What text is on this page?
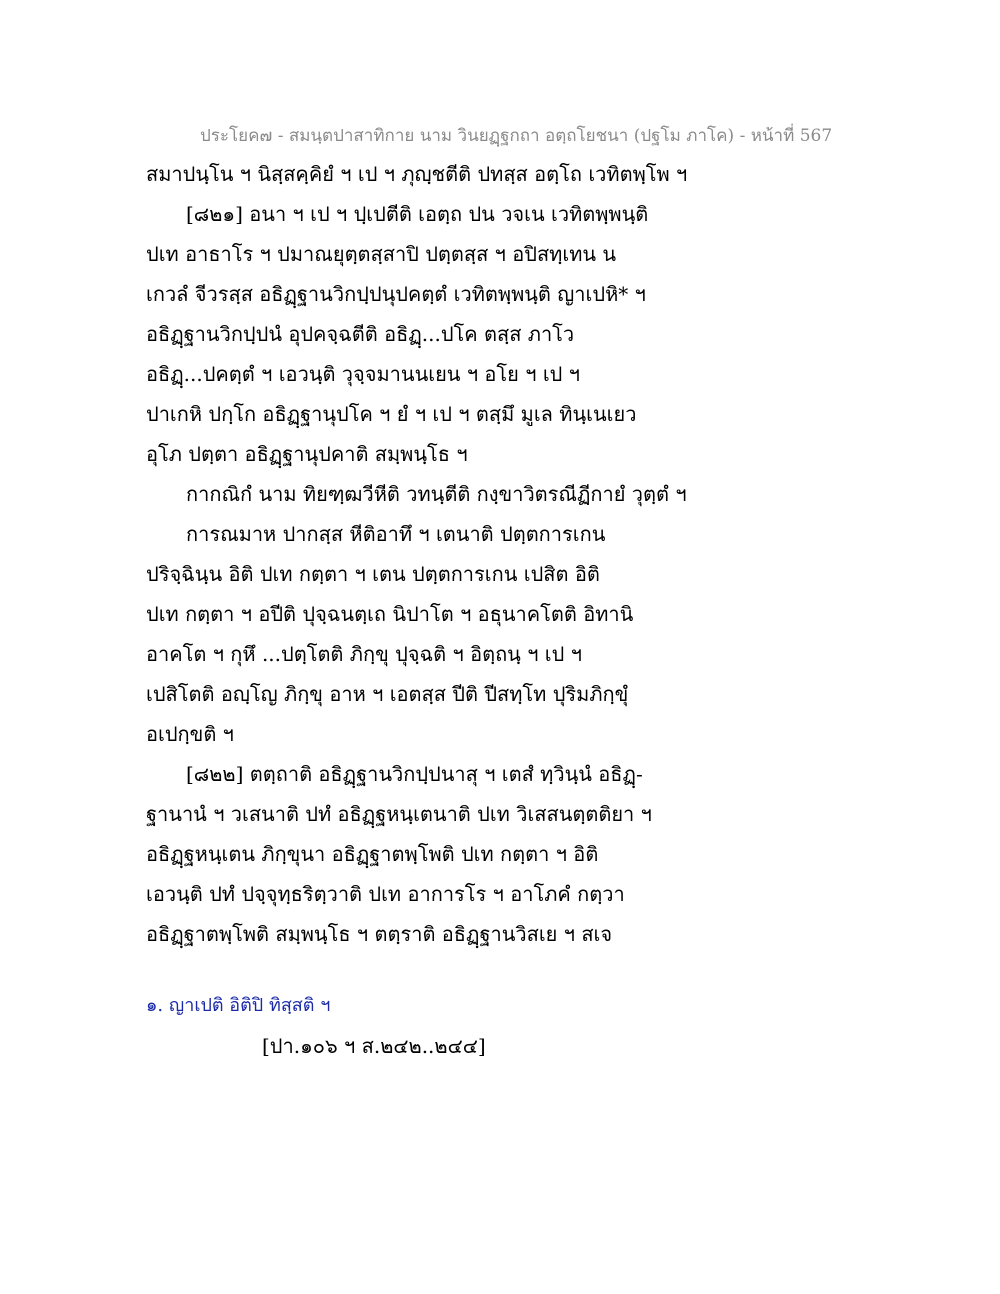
ประโยค๗ - สมนฺตปาสาทิกาย นาม วินยฏฺฐกถา อตฺถโยชนา (ปฐโม ภาโค) - หน้าที่ 567
สมาปนฺโน ฯ นิสฺสคฺคิยํ ฯ เป ฯ ภุญฺชตีติ ปทสฺส อตฺโถ เวทิตพฺโพ ฯ
[๘๒๑] อนา ฯ เป ฯ ปฺเปตีติ เอตฺถ ปน วจเน เวทิตพฺพนฺติ
ปเท อาธาโร ฯ ปมาณยุตฺตสฺสาปิ ปตฺตสฺส ฯ อปิสทฺเทน น
เกวลํ จีวรสฺส อธิฏฺฐานวิกปฺปนุปคตฺตํ เวทิตพฺพนฺติ ญาเปหิ* ฯ
อธิฏฺฐานวิกปฺปนํ อุปคจฺฉตีติ อธิฏฺ...ปโค ตสฺส ภาโว
อธิฏฺ...ปคตฺตํ ฯ เอวนฺติ วุจฺจมานนเยน ฯ อโย ฯ เป ฯ
ปาเกหิ ปกฺโก อธิฏฺฐานุปโค ฯ ยํ ฯ เป ฯ ตสฺมึ มูเล ทินฺเนเยว
อุโภ ปตฺตา อธิฏฺฐานุปคาติ สมฺพนฺโธ ฯ
กากณิกํ นาม ทิยฑฺฒวีหีติ วทนฺตีติ กงฺขาวิตรณีฏีกายํ วุตฺตํ ฯ
การณมาห ปากสฺส หีติอาทึ ฯ เตนาติ ปตฺตการเกน
ปริจฺฉินฺน อิติ ปเท กตฺตา ฯ เตน ปตฺตการเกน เปสิต อิติ
ปเท กตฺตา ฯ อปีติ ปุจฺฉนตฺเถ นิปาโต ฯ อธุนาคโตติ อิทานิ
อาคโต ฯ กุหึ ...ปตฺโตติ ภิกฺขุ ปุจฺฉติ ฯ อิตฺถนฺ ฯ เป ฯ
เปสิโตติ อญฺโญ ภิกฺขุ อาห ฯ เอตสฺส ปีติ ปีสทฺโท ปุริมภิกฺขุํ
อเปกฺขติ ฯ
[๘๒๒] ตตฺถาติ อธิฏฺฐานวิกปฺปนาสุ ฯ เตสํ ทฺวินฺนํ อธิฏฺ-
ฐานานํ ฯ วเสนาติ ปทํ อธิฏฺฐหนฺเตนาติ ปเท วิเสสนตฺตติยา ฯ
อธิฏฺฐหนฺเตน ภิกฺขุนา อธิฏฺฐาตพฺโพติ ปเท กตฺตา ฯ อิติ
เอวนฺติ ปทํ ปจฺจุทฺธริตฺวาติ ปเท อาการโร ฯ อาโภคํ กตฺวา
อธิฏฺฐาตพฺโพติ สมฺพนฺโธ ฯ ตตฺราติ อธิฏฺฐานวิสเย ฯ สเจ
๑. ญาเปติ อิติปิ ทิสฺสติ ฯ
[ปา.๑๐๖ ฯ ส.๒๔๒..๒๔๔]
